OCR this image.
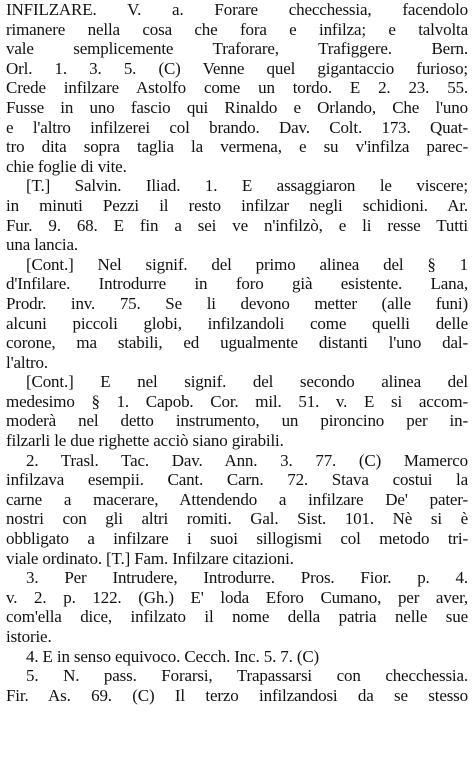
INFILZARE. V. a. Forare checchessia, facendolo
rimanere nella cosa che fora e infilza; e talvolta
vale semplicemente Traforare, Trafiggere. Bern.
Orl. 1. 3. 5. (C) Venne quel gigantaccio furioso;
Crede infilzare Astolfo come un tordo. E 2. 23. 55.
Fusse in uno fascio qui Rinaldo e Orlando, Che l'uno
e l'altro infilzerei col brando. Dav. Colt. 173. Quat-
tro dita sopra taglia la vermena, e su v'infilza parec-
chie foglie di vite.
[T.] Salvin. Iliad. 1. E assaggiaron le viscere;
in minuti Pezzi il resto infilzar negli schidioni. Ar.
Fur. 9. 68. E fin a sei ve n'infilzò, e li resse Tutti
una lancia.
[Cont.] Nel signif. del primo alinea del § 1
d'Infilare. Introdurre in foro già esistente. Lana,
Prodr. inv. 75. Se li devono metter (alle funi)
alcuni piccoli globi, infilzandoli come quelli delle
corone, ma stabili, ed ugualmente distanti l'uno dal-
l'altro.
[Cont.] E nel signif. del secondo alinea del
medesimo § 1. Capob. Cor. mil. 51. v. E si accom-
moderà nel detto instrumento, un pironcino per in-
filzarli le due righette acciò siano girabili.
2. Trasl. Tac. Dav. Ann. 3. 77. (C) Mamerco
infilzava esempii. Cant. Carn. 72. Stava costui la
carne a macerare, Attendendo a infilzare De' pater-
nostri con gli altri romiti. Gal. Sist. 101. Nè si è
obbligato a infilzare i suoi sillogismi col metodo tri-
viale ordinato. [T.] Fam. Infilzare citazioni.
3. Per Intrudere, Introdurre. Pros. Fior. p. 4.
v. 2. p. 122. (Gh.) E' loda Eforo Cumano, per aver,
com'ella dice, infilzato il nome della patria nelle sue
istorie.
4. E in senso equivoco. Cecch. Inc. 5. 7. (C)
5. N. pass. Forarsi, Trapassarsi con checchessia.
Fir. As. 69. (C) Il terzo infilzandosi da se stesso
